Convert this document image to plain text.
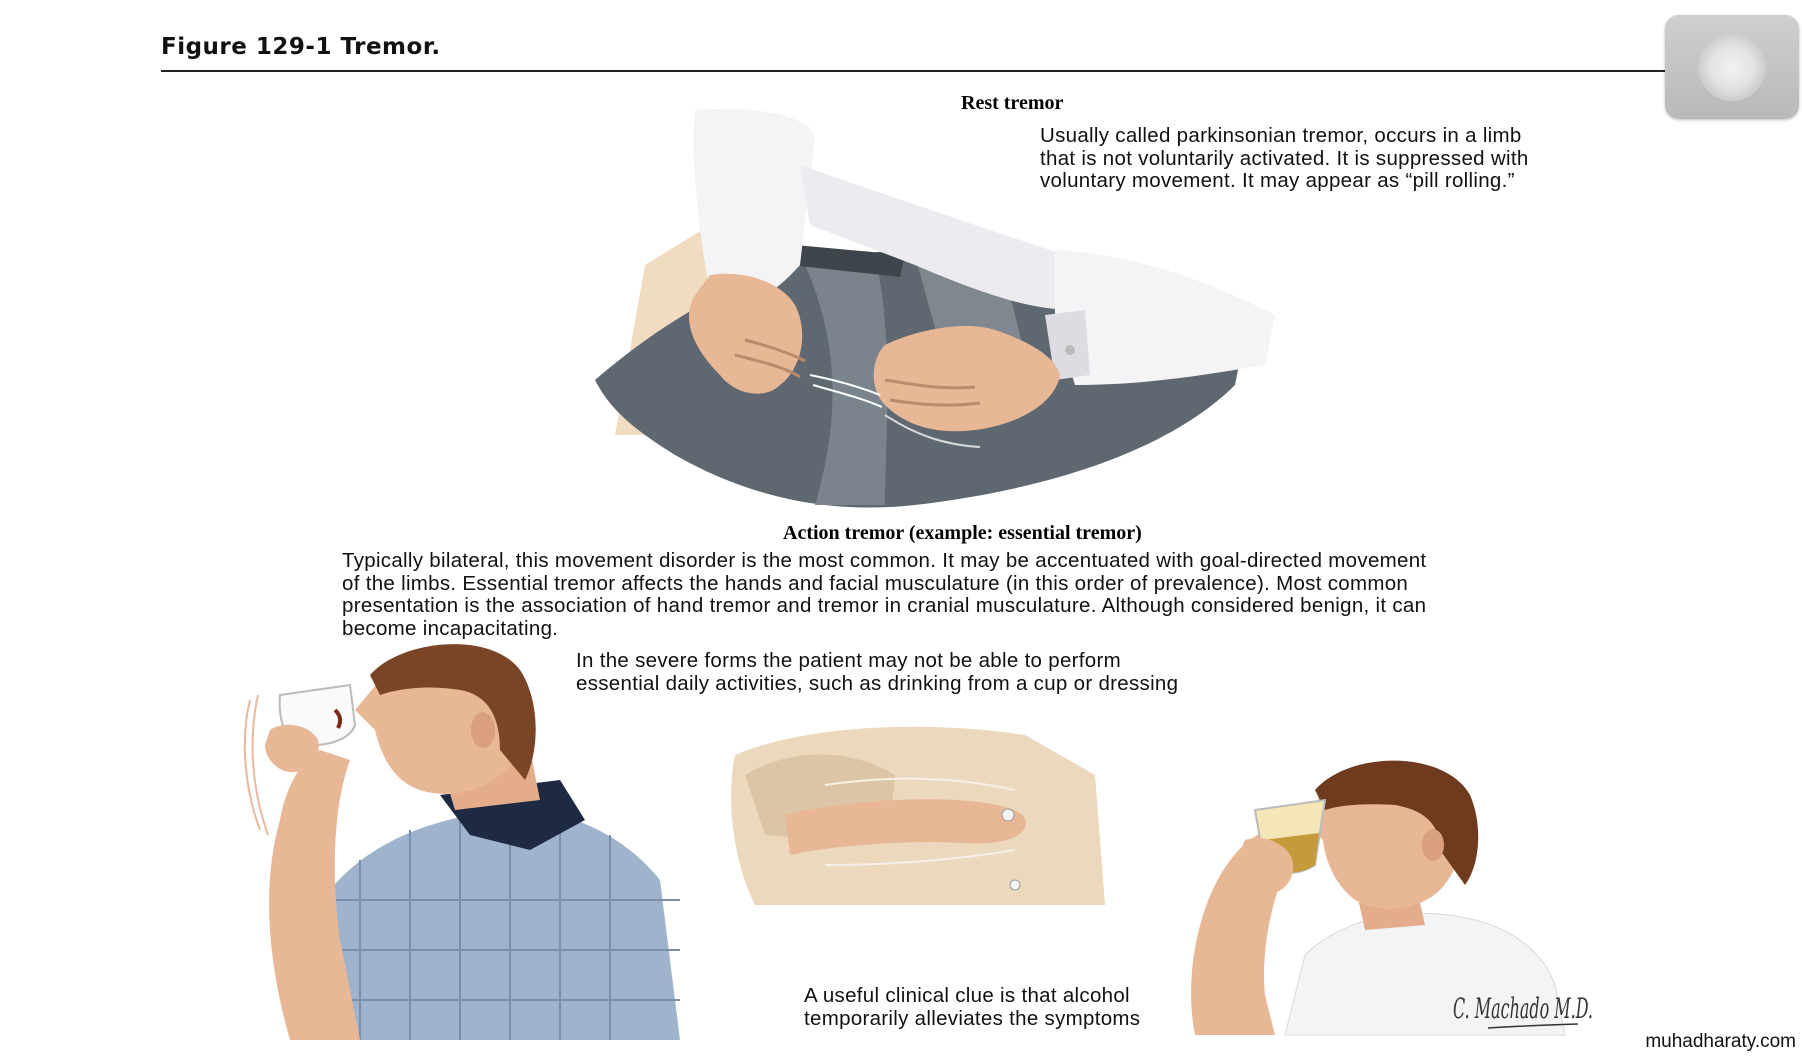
Figure 129-1 Tremor.
Rest tremor
Usually called parkinsonian tremor, occurs in a limb
that is not voluntarily activated. It is suppressed with
voluntary movement. It may appear as “pill rolling.”
Action tremor (example: essential tremor)
Typically bilateral, this movement disorder is the most common. It may be accentuated with goal-directed movement
of the limbs. Essential tremor affects the hands and facial musculature (in this order of prevalence). Most common
presentation is the association of hand tremor and tremor in cranial musculature. Although considered benign, it can
become incapacitating.
In the severe forms the patient may not be able to perform
essential daily activities, such as drinking from a cup or dressing
A useful clinical clue is that alcohol
temporarily alleviates the symptoms	C. Machado M.D.
muhadharaty.com
